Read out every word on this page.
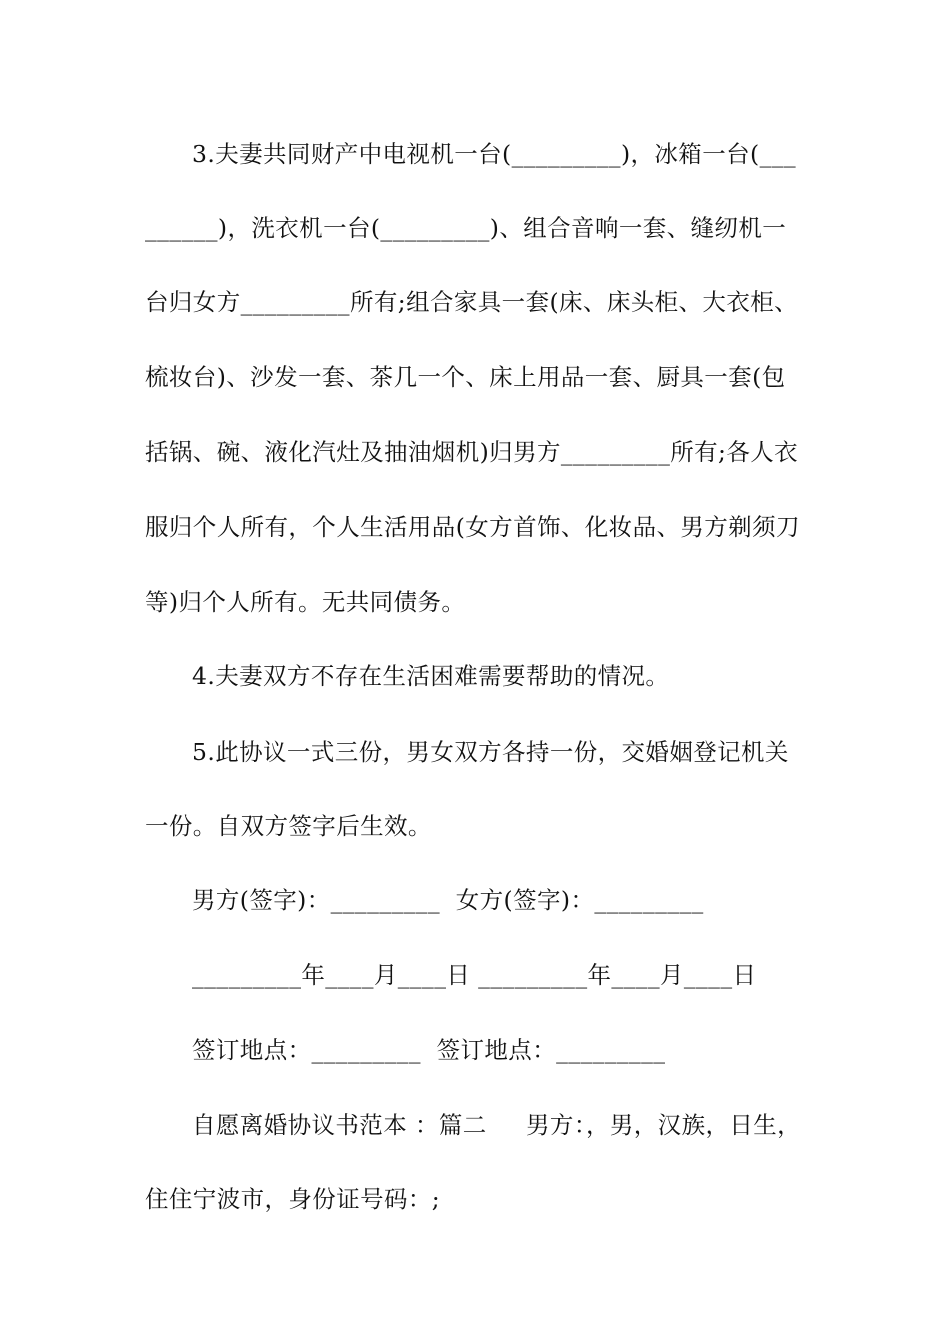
3.夫妻共同财产中电视机一台(_________)，冰箱一台(___
______)，洗衣机一台(_________)、组合音响一套、缝纫机一
台归女方_________所有;组合家具一套(床、床头柜、大衣柜、
梳妆台)、沙发一套、茶几一个、床上用品一套、厨具一套(包
括锅、碗、液化汽灶及抽油烟机)归男方_________所有;各人衣
服归个人所有，个人生活用品(女方首饰、化妆品、男方剃须刀
等)归个人所有。无共同债务。
4.夫妻双方不存在生活困难需要帮助的情况。
5.此协议一式三份，男女双方各持一份，交婚姻登记机关
一份。自双方签字后生效。
男方(签字)：_________  女方(签字)：_________
_________年____月____日 _________年____月____日
签订地点：_________  签订地点：_________
自愿离婚协议书范本 ：篇二     男方：，男，汉族，日生，
住住宁波市，身份证号码：;
